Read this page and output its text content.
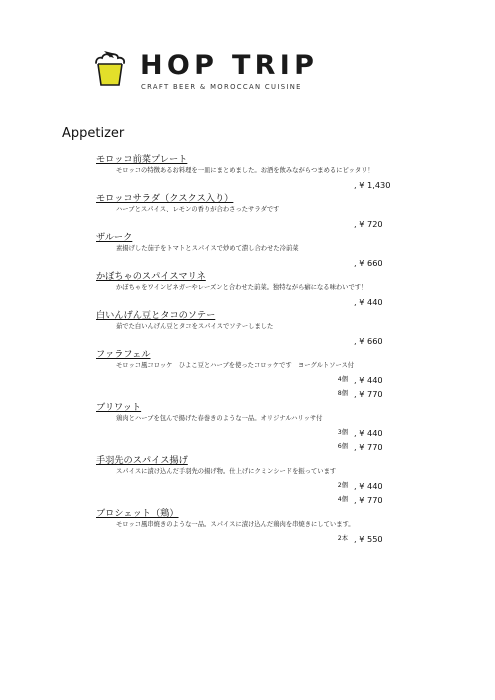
HOP TRIP
CRAFT BEER & MOROCCAN CUISINE
Appetizer
モロッコ前菜プレート
モロッコの特徴あるお料理を一皿にまとめました。お酒を飲みながらつまめるにピッタリ！
, ¥ 1,430
モロッコサラダ（クスクス入り）
ハーブとスパイス、レモンの香りが合わさったサラダです
, ¥ 720
ザルーク
素揚げした茄子をトマトとスパイスで炒めて潰し合わせた冷前菜
, ¥ 660
かぼちゃのスパイスマリネ
かぼちゃをワインビネガーやレーズンと合わせた前菜。独特ながら癖になる味わいです！
, ¥ 440
白いんげん豆とタコのソテー
茹でた白いんげん豆とタコをスパイスでソテーしました
, ¥ 660
ファラフェル
モロッコ風コロッケ　ひよこ豆とハーブを使ったコロッケです　ヨーグルトソース付
4個 , ¥ 440
8個 , ¥ 770
ブリワット
鶏肉とハーブを包んで揚げた春巻きのような一品。オリジナルハリッサ付
3個 , ¥ 440
6個 , ¥ 770
手羽先のスパイス揚げ
スパイスに漬け込んだ手羽先の揚げ物。仕上げにクミンシードを振っています
2個 , ¥ 440
4個 , ¥ 770
ブロシェット（鶏）
モロッコ風串焼きのような一品。スパイスに漬け込んだ鶏肉を串焼きにしています。
2本 , ¥ 550
